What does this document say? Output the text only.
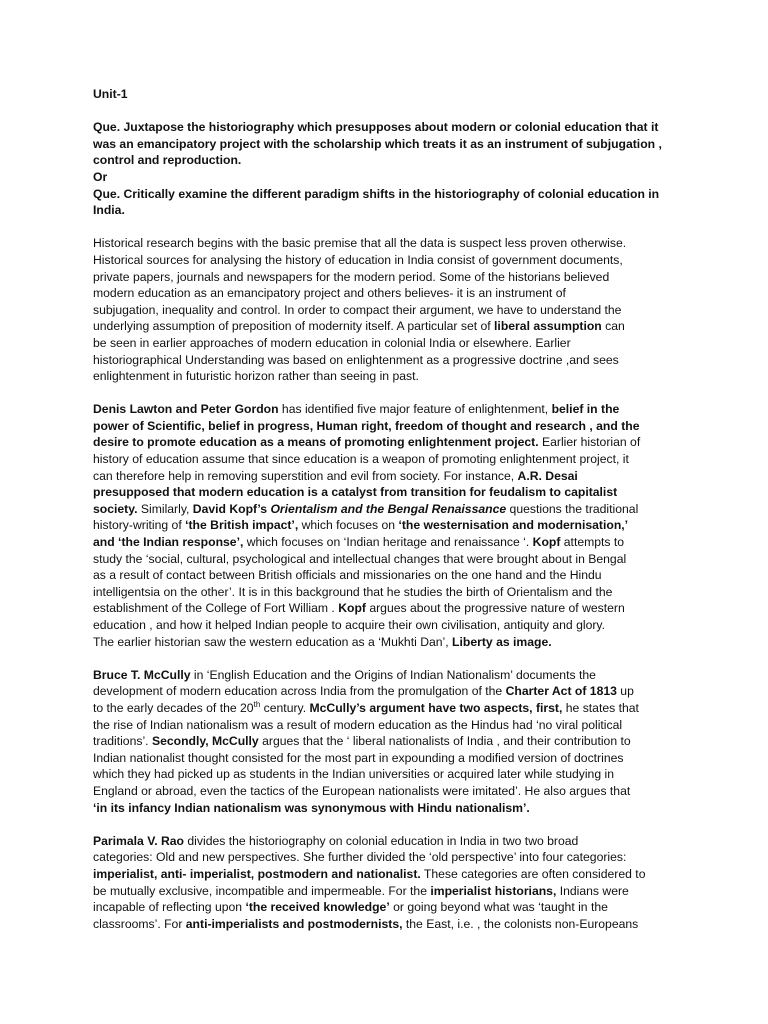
Unit-1
Que. Juxtapose the historiography which presupposes about modern or colonial education that it
was an emancipatory project with the scholarship which treats it as an instrument of subjugation ,
control and reproduction.
Or
Que. Critically examine the different paradigm shifts in the historiography of colonial education in
India.
Historical research begins with the basic premise that all the data is suspect less proven otherwise.
Historical sources for analysing the history of education in India consist of government documents,
private papers, journals and newspapers for the modern period. Some of the historians believed
modern education as an emancipatory project and others believes- it is an instrument of
subjugation, inequality and control. In order to compact their argument, we have to understand the
underlying assumption of preposition of modernity itself. A particular set of liberal assumption can
be seen in earlier approaches of modern education in colonial India or elsewhere. Earlier
historiographical Understanding was based on enlightenment as a progressive doctrine ,and sees
enlightenment in futuristic horizon rather than seeing in past.
Denis Lawton and Peter Gordon has identified five major feature of enlightenment, belief in the
power of Scientific, belief in progress, Human right, freedom of thought and research , and the
desire to promote education as a means of promoting enlightenment project. Earlier historian of
history of education assume that since education is a weapon of promoting enlightenment project, it
can therefore help in removing superstition and evil from society. For instance, A.R. Desai
presupposed that modern education is a catalyst from transition for feudalism to capitalist
society. Similarly, David Kopf’s Orientalism and the Bengal Renaissance questions the traditional
history-writing of ‘the British impact’, which focuses on ‘the westernisation and modernisation,’
and ‘the Indian response’, which focuses on ‘Indian heritage and renaissance ‘. Kopf attempts to
study the ‘social, cultural, psychological and intellectual changes that were brought about in Bengal
as a result of contact between British officials and missionaries on the one hand and the Hindu
intelligentsia on the other’. It is in this background that he studies the birth of Orientalism and the
establishment of the College of Fort William . Kopf argues about the progressive nature of western
education , and how it helped Indian people to acquire their own civilisation, antiquity and glory.
The earlier historian saw the western education as a ‘Mukhti Dan’, Liberty as image.
Bruce T. McCully in ‘English Education and the Origins of Indian Nationalism’ documents the
development of modern education across India from the promulgation of the Charter Act of 1813 up
to the early decades of the 20th century. McCully’s argument have two aspects, first, he states that
the rise of Indian nationalism was a result of modern education as the Hindus had ‘no viral political
traditions’. Secondly, McCully argues that the ‘ liberal nationalists of India , and their contribution to
Indian nationalist thought consisted for the most part in expounding a modified version of doctrines
which they had picked up as students in the Indian universities or acquired later while studying in
England or abroad, even the tactics of the European nationalists were imitated’. He also argues that
‘in its infancy Indian nationalism was synonymous with Hindu nationalism’.
Parimala V. Rao divides the historiography on colonial education in India in two two broad
categories: Old and new perspectives. She further divided the ‘old perspective’ into four categories:
imperialist, anti- imperialist, postmodern and nationalist. These categories are often considered to
be mutually exclusive, incompatible and impermeable. For the imperialist historians, Indians were
incapable of reflecting upon ‘the received knowledge’ or going beyond what was ‘taught in the
classrooms’. For anti-imperialists and postmodernists, the East, i.e. , the colonists non-Europeans
